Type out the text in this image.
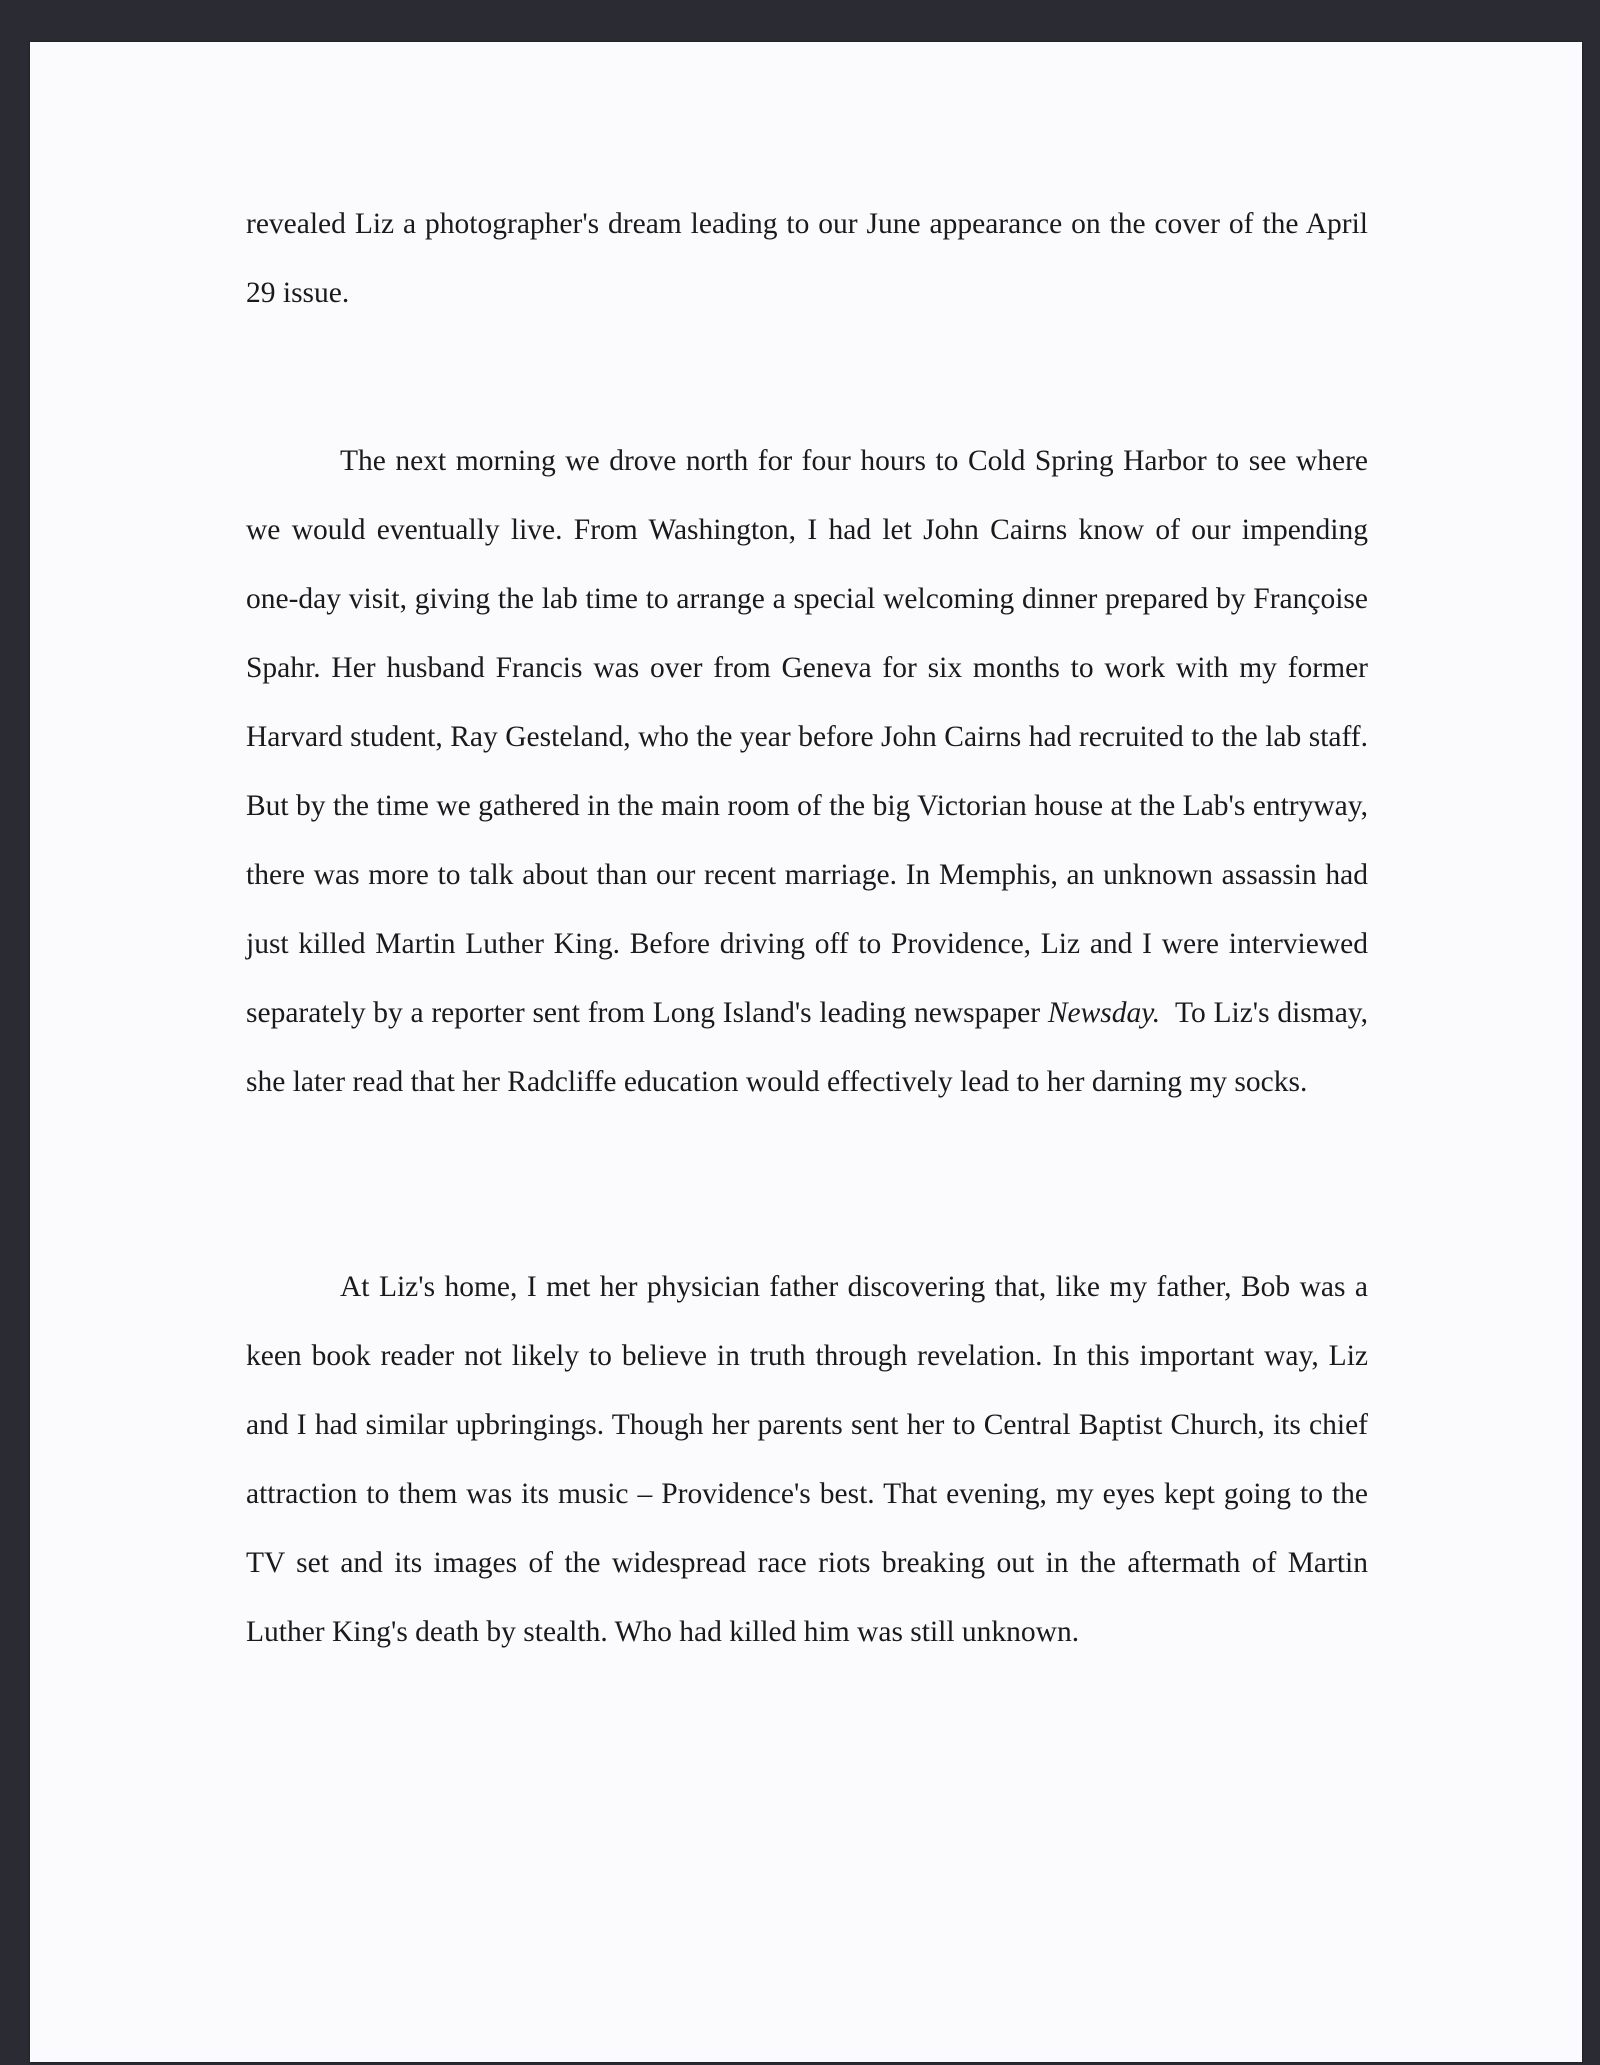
revealed Liz a photographer's dream leading to our June appearance on the cover of the April 29 issue.

The next morning we drove north for four hours to Cold Spring Harbor to see where we would eventually live. From Washington, I had let John Cairns know of our impending one-day visit, giving the lab time to arrange a special welcoming dinner prepared by Françoise Spahr. Her husband Francis was over from Geneva for six months to work with my former Harvard student, Ray Gesteland, who the year before John Cairns had recruited to the lab staff. But by the time we gathered in the main room of the big Victorian house at the Lab's entryway, there was more to talk about than our recent marriage. In Memphis, an unknown assassin had just killed Martin Luther King. Before driving off to Providence, Liz and I were interviewed separately by a reporter sent from Long Island's leading newspaper Newsday. To Liz's dismay, she later read that her Radcliffe education would effectively lead to her darning my socks.

At Liz's home, I met her physician father discovering that, like my father, Bob was a keen book reader not likely to believe in truth through revelation. In this important way, Liz and I had similar upbringings. Though her parents sent her to Central Baptist Church, its chief attraction to them was its music – Providence's best. That evening, my eyes kept going to the TV set and its images of the widespread race riots breaking out in the aftermath of Martin Luther King's death by stealth. Who had killed him was still unknown.
